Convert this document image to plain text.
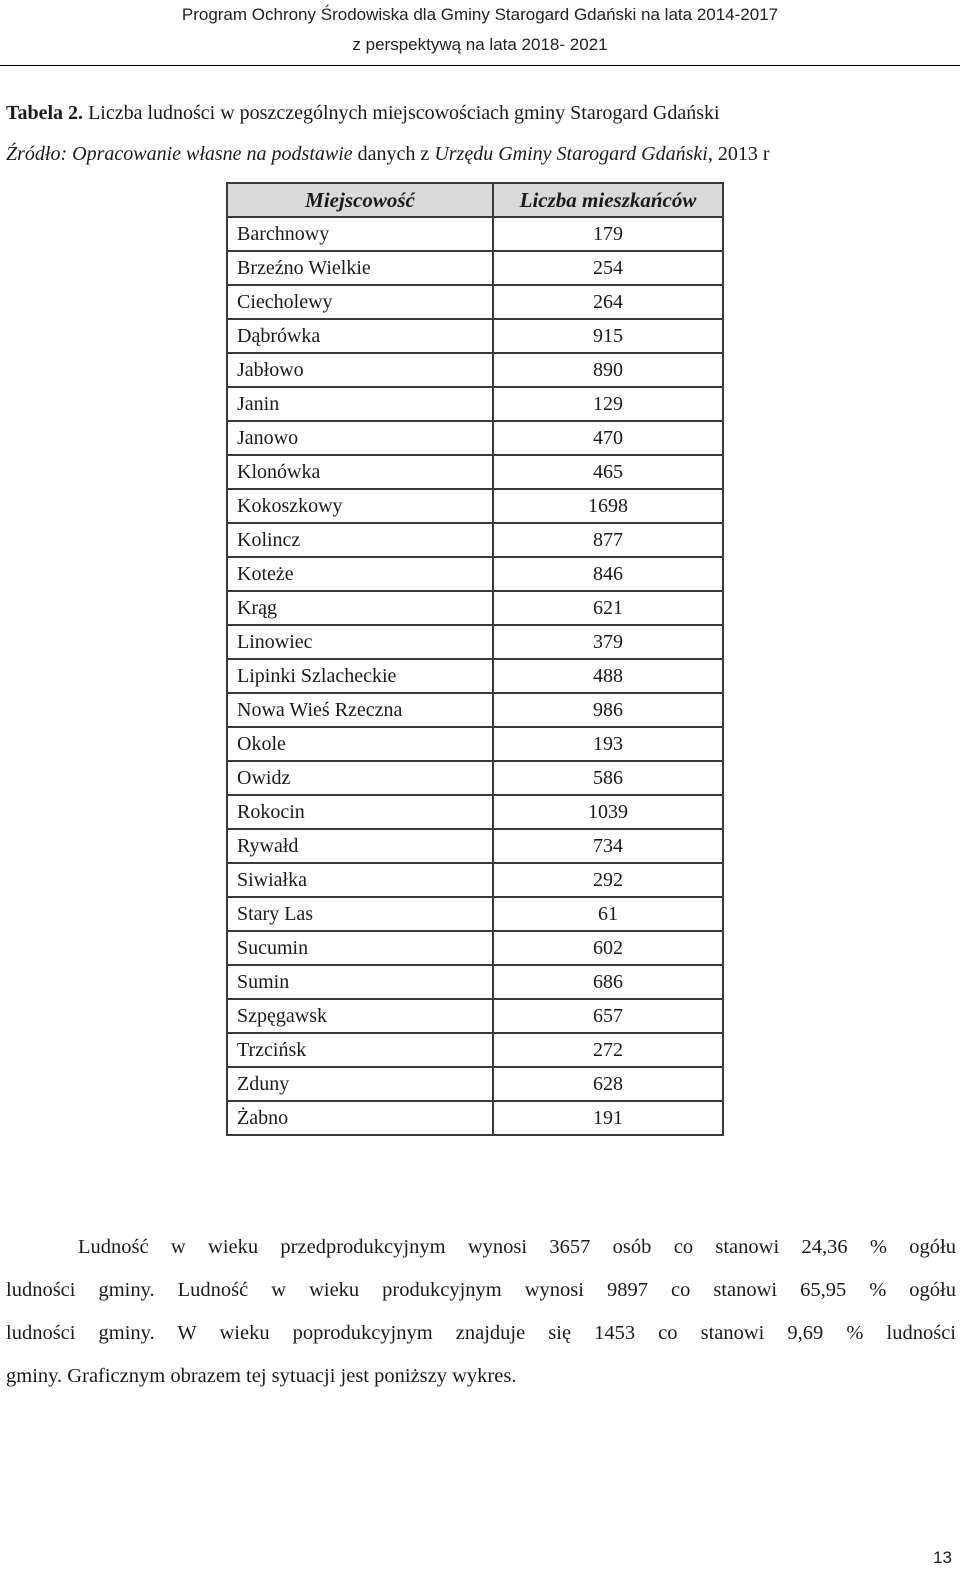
Program Ochrony Środowiska dla Gminy Starogard Gdański na lata 2014-2017
z perspektywą na lata 2018- 2021
Tabela 2. Liczba ludności w poszczególnych miejscowościach gminy Starogard Gdański
Źródło: Opracowanie własne na podstawie danych z Urzędu Gminy Starogard Gdański, 2013 r
Miejscowość	Liczba mieszkańców
Barchnowy	179
Brzeźno Wielkie	254
Ciecholewy	264
Dąbrówka	915
Jabłowo	890
Janin	129
Janowo	470
Klonówka	465
Kokoszkowy	1698
Kolincz	877
Koteże	846
Krąg	621
Linowiec	379
Lipinki Szlacheckie	488
Nowa Wieś Rzeczna	986
Okole	193
Owidz	586
Rokocin	1039
Rywałd	734
Siwiałka	292
Stary Las	61
Sucumin	602
Sumin	686
Szpęgawsk	657
Trzcińsk	272
Zduny	628
Żabno	191
Ludność w wieku przedprodukcyjnym wynosi 3657 osób co stanowi 24,36 % ogółu
ludności gminy. Ludność w wieku produkcyjnym wynosi 9897 co stanowi 65,95 % ogółu
ludności gminy. W wieku poprodukcyjnym znajduje się 1453 co stanowi 9,69 % ludności
gminy. Graficznym obrazem tej sytuacji jest poniższy wykres.
13
